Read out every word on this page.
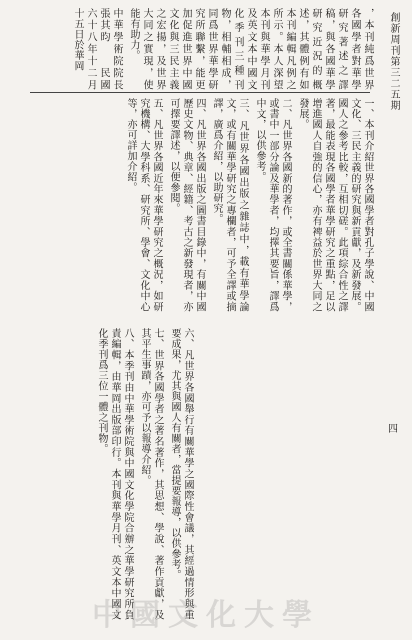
創新周刊第三二五期
四

，本刊純爲世界各國學者對華學研究著述之譯稿，與各國華學研究近況的概述，其體例有如本刊編輯凡例之所示。本人深望本刊與華學月刊及英文本中國文化季刊三種刊物，相輔相成，同爲世界華學研究所聯繫，能更加促進世界中國文化與三民主義之宏揚，及世界大同之實現，使能有助力。

中華學術院院長張其昀　　民國六十八年十二月十五日於華岡

一、本刊介紹世界各國學者對孔子學說、中國文化、三民主義的研究與新貢獻，及新發展。國人之參考比較，互相切磋。此項綜合性之譯著，最能表現各國學者華學研究之重點，足以增進國人自強的信心，亦有裨益於世界大同之發展。

二、凡世界各國新的著作，或全書關係華學，或書中一部分論及華學者，均擇其要旨，譯爲中文，以供參考。

三、凡世界各國出版之雜誌中，載有華學論文，或有關華學研究之專欄者，可予全譯或摘譯，廣爲介紹，以助研究。

四、凡世界各國出版之圖書目錄中，有關中國歷史文物、典章、經籍、考古之新發現者，亦可擇要譯述，以便參閱。

五、凡世界各國近年來華學研究之概況，如研究機構、大學科系、研究所、學會、文化中心等，亦可詳加介紹。

六、凡世界各國舉行有關華學之國際性會議，其經過情形與重要成果，尤其與國人有關者，當提要報導，以供參考。

七、世界各國學者之著名著作，其思想、學說、著作貢獻，及其平生事蹟，亦可予以報導介紹。

八、本季刊由中華學術院與中國文化學院合辦之華學研究所負責編輯，由華岡出版部印行。本刊與華學月刊、英文本中國文化季刊爲三位一體之刊物。

中國文化大學
